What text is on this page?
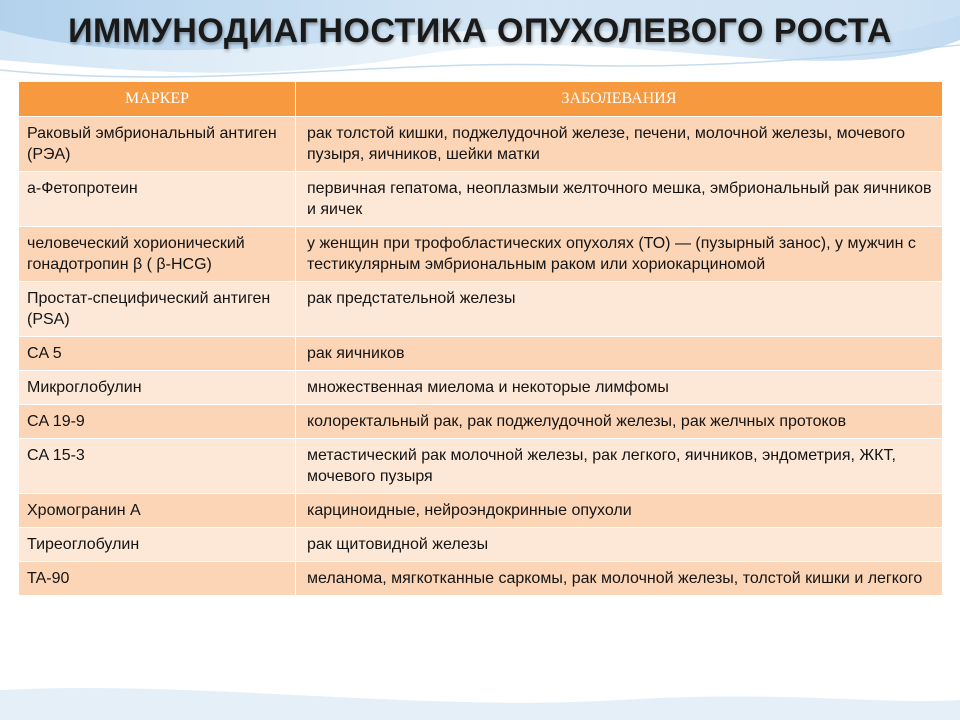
ИММУНОДИАГНОСТИКА ОПУХОЛЕВОГО РОСТА
МАРКЕР	ЗАБОЛЕВАНИЯ
Раковый эмбриональный антиген (РЭА)	рак толстой кишки, поджелудочной железе, печени, молочной железы, мочевого пузыря, яичников, шейки матки
a-Фетопротеин	первичная гепатома, неоплазмыи желточного мешка, эмбриональный рак яичников и яичек
человеческий хорионический гонадотропин β ( β-HCG)	у женщин при трофобластических опухолях (ТО) — (пузырный занос), у мужчин с тестикулярным эмбриональным раком или хориокарциномой
Простат-специфический антиген (PSA)	рак предстательной железы
CA 5	рак яичников
Микроглобулин	множественная миелома и некоторые лимфомы
CA 19-9	колоректальный рак, рак поджелудочной железы, рак желчных протоков
CA 15-3	метастический рак молочной железы, рак легкого, яичников, эндометрия, ЖКТ, мочевого пузыря
Хромогранин А	карциноидные, нейроэндокринные опухоли
Тиреоглобулин	рак щитовидной железы
TA-90	меланома, мягкотканные саркомы, рак молочной железы, толстой кишки и легкого
